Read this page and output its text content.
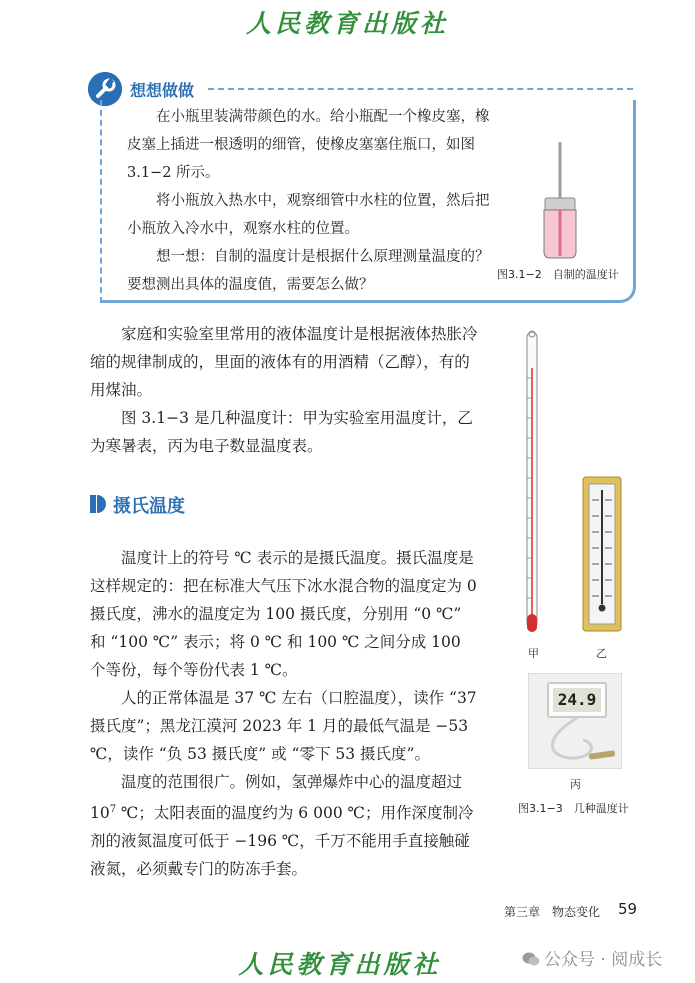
人民教育出版社
想想做做

在小瓶里装满带颜色的水。给小瓶配一个橡皮塞，橡皮塞上插进一根透明的细管，使橡皮塞塞住瓶口，如图 3.1−2 所示。

将小瓶放入热水中，观察细管中水柱的位置，然后把小瓶放入冷水中，观察水柱的位置。

想一想：自制的温度计是根据什么原理测量温度的？要想测出具体的温度值，需要怎么做？

图3.1−2　自制的温度计

家庭和实验室里常用的液体温度计是根据液体热胀冷缩的规律制成的，里面的液体有的用酒精（乙醇），有的用煤油。

图 3.1−3 是几种温度计：甲为实验室用温度计，乙为寒暑表，丙为电子数显温度表。

摄氏温度

温度计上的符号 ℃ 表示的是摄氏温度。摄氏温度是这样规定的：把在标准大气压下冰水混合物的温度定为 0 摄氏度，沸水的温度定为 100 摄氏度，分别用 “0 ℃” 和 “100 ℃” 表示；将 0 ℃ 和 100 ℃ 之间分成 100 个等份，每个等份代表 1 ℃。

人的正常体温是 37 ℃ 左右（口腔温度），读作 “37 摄氏度”；黑龙江漠河 2023 年 1 月的最低气温是 −53 ℃，读作 “负 53 摄氏度” 或 “零下 53 摄氏度”。

温度的范围很广。例如，氢弹爆炸中心的温度超过 $10^7$ ℃；太阳表面的温度约为 6 000 ℃；用作深度制冷剂的液氮温度可低于 −196 ℃，千万不能用手直接触碰液氮，必须戴专门的防冻手套。

甲	乙
24.9
丙
图3.1−3　几种温度计
第三章　物态变化 59
人民教育出版社	公众号 · 阅成长
